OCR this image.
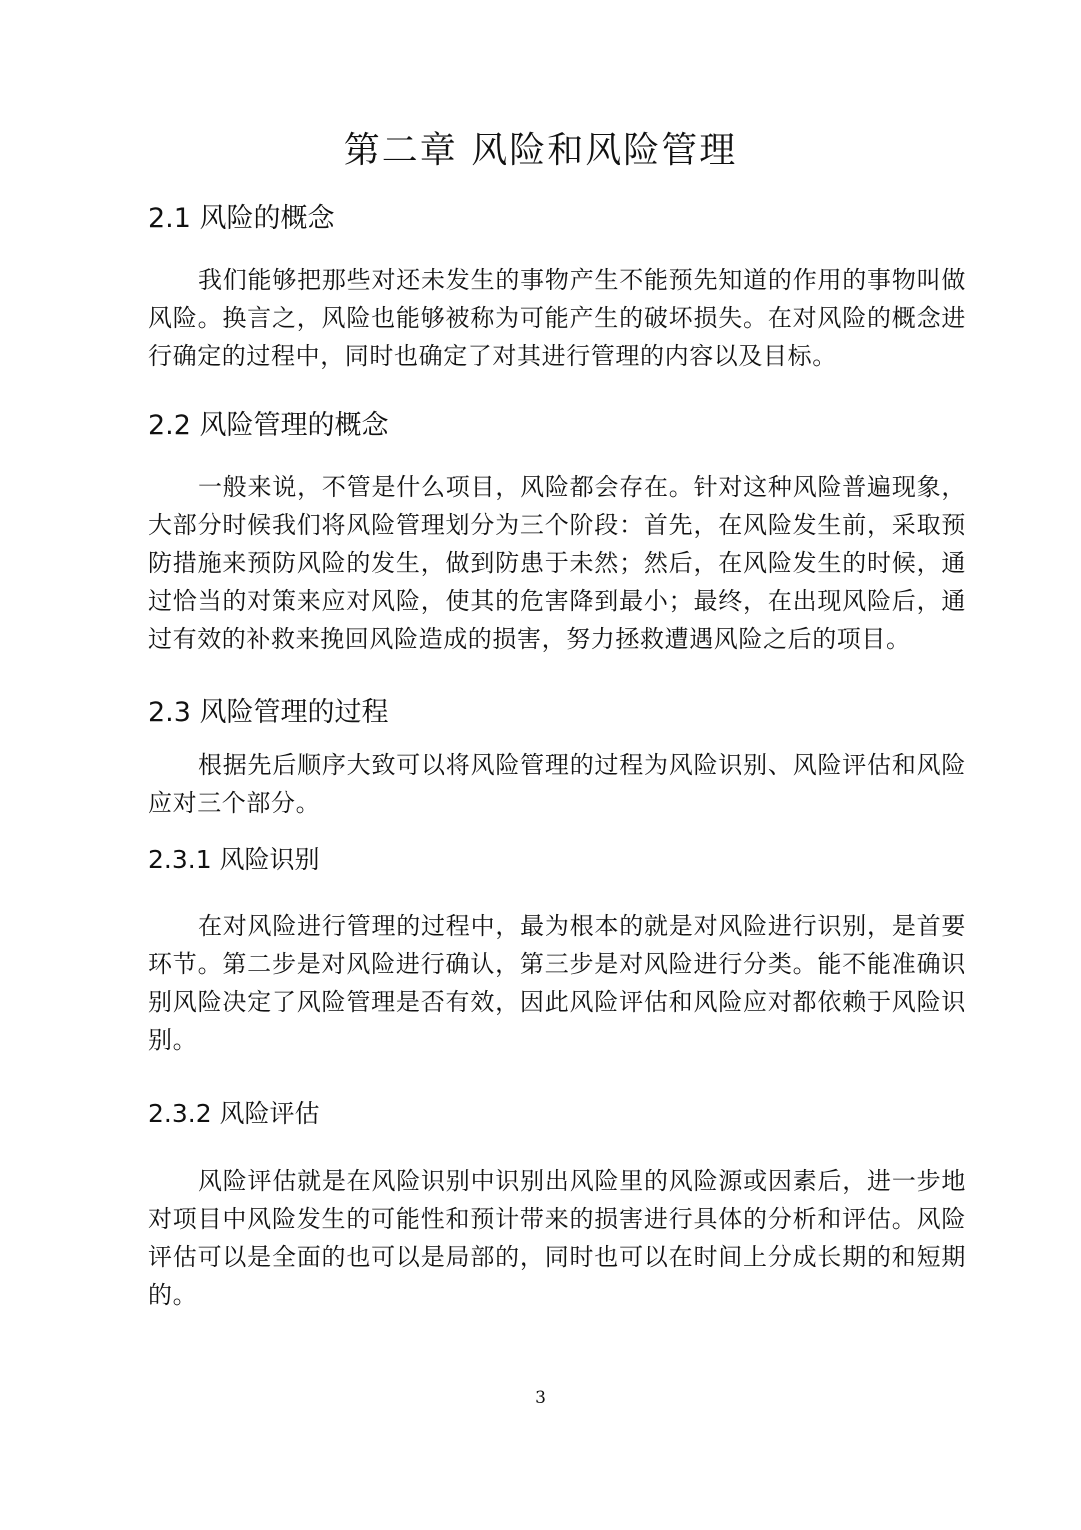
第二章 风险和风险管理
2.1 风险的概念

我们能够把那些对还未发生的事物产生不能预先知道的作用的事物叫做风险。换言之，风险也能够被称为可能产生的破坏损失。在对风险的概念进行确定的过程中，同时也确定了对其进行管理的内容以及目标。

2.2 风险管理的概念

一般来说，不管是什么项目，风险都会存在。针对这种风险普遍现象，大部分时候我们将风险管理划分为三个阶段：首先，在风险发生前，采取预防措施来预防风险的发生，做到防患于未然；然后，在风险发生的时候，通过恰当的对策来应对风险，使其的危害降到最小；最终，在出现风险后，通过有效的补救来挽回风险造成的损害，努力拯救遭遇风险之后的项目。

2.3 风险管理的过程

根据先后顺序大致可以将风险管理的过程为风险识别、风险评估和风险应对三个部分。

2.3.1 风险识别

在对风险进行管理的过程中，最为根本的就是对风险进行识别，是首要环节。第二步是对风险进行确认，第三步是对风险进行分类。能不能准确识别风险决定了风险管理是否有效，因此风险评估和风险应对都依赖于风险识别。

2.3.2 风险评估

风险评估就是在风险识别中识别出风险里的风险源或因素后，进一步地对项目中风险发生的可能性和预计带来的损害进行具体的分析和评估。风险评估可以是全面的也可以是局部的，同时也可以在时间上分成长期的和短期的。

3
